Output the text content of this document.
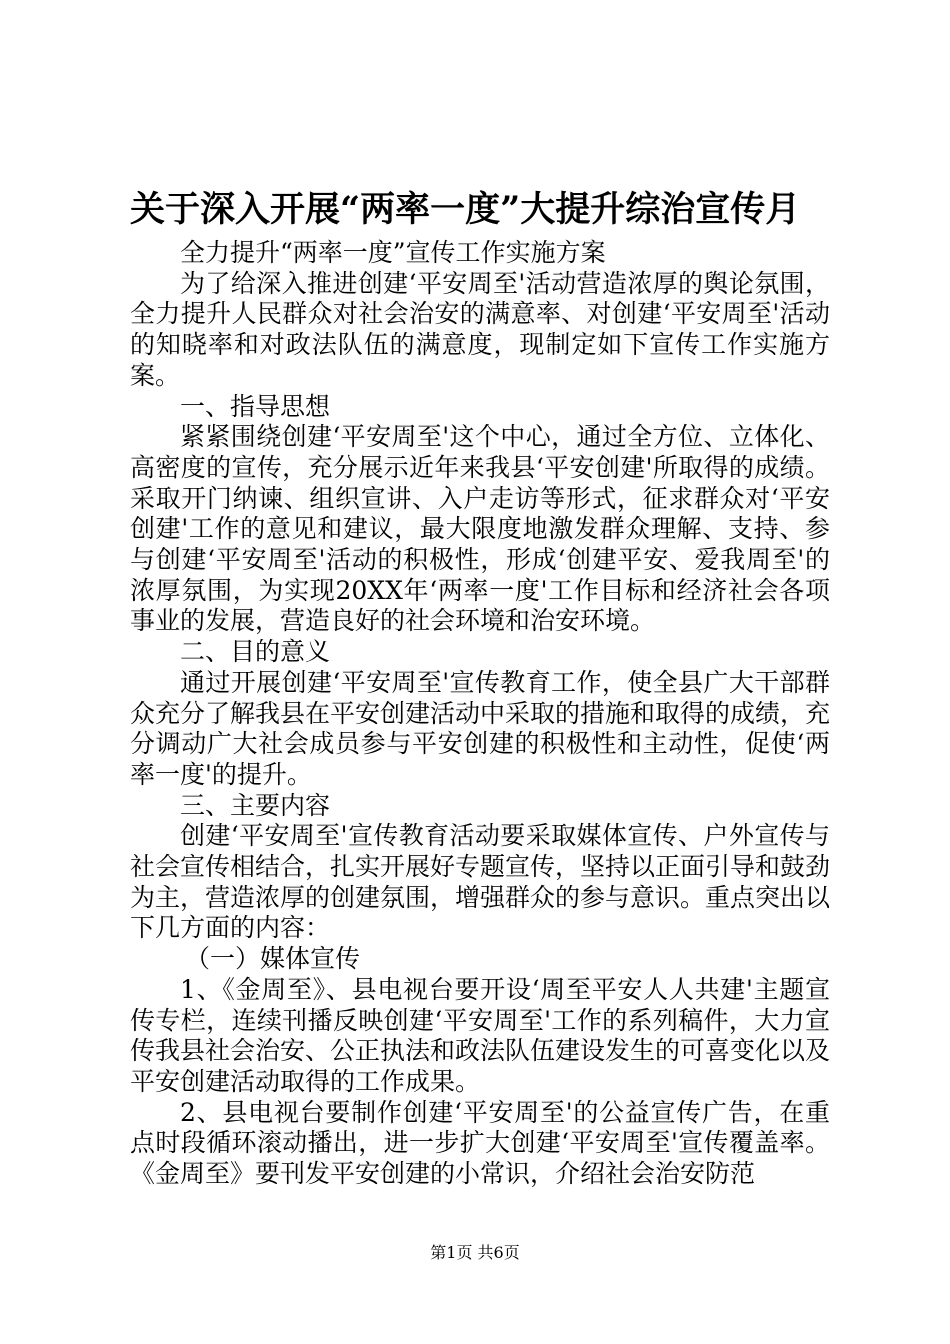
关于深入开展“两率一度”大提升综治宣传月

全力提升“两率一度”宣传工作实施方案

为了给深入推进创建‘平安周至'活动营造浓厚的舆论氛围，全力提升人民群众对社会治安的满意率、对创建‘平安周至'活动的知晓率和对政法队伍的满意度，现制定如下宣传工作实施方案。

一、指导思想

紧紧围绕创建‘平安周至'这个中心，通过全方位、立体化、高密度的宣传，充分展示近年来我县‘平安创建'所取得的成绩。采取开门纳谏、组织宣讲、入户走访等形式，征求群众对‘平安创建'工作的意见和建议，最大限度地激发群众理解、支持、参与创建‘平安周至'活动的积极性，形成‘创建平安、爱我周至'的浓厚氛围，为实现20XX年‘两率一度'工作目标和经济社会各项事业的发展，营造良好的社会环境和治安环境。

二、目的意义

通过开展创建‘平安周至'宣传教育工作，使全县广大干部群众充分了解我县在平安创建活动中采取的措施和取得的成绩，充分调动广大社会成员参与平安创建的积极性和主动性，促使‘两率一度'的提升。

三、主要内容

创建‘平安周至'宣传教育活动要采取媒体宣传、户外宣传与社会宣传相结合，扎实开展好专题宣传，坚持以正面引导和鼓劲为主，营造浓厚的创建氛围，增强群众的参与意识。重点突出以下几方面的内容：

（一）媒体宣传

1、《金周至》、县电视台要开设‘周至平安人人共建'主题宣传专栏，连续刊播反映创建‘平安周至'工作的系列稿件，大力宣传我县社会治安、公正执法和政法队伍建设发生的可喜变化以及平安创建活动取得的工作成果。

2、县电视台要制作创建‘平安周至'的公益宣传广告，在重点时段循环滚动播出，进一步扩大创建‘平安周至'宣传覆盖率。《金周至》要刊发平安创建的小常识，介绍社会治安防范

第1页 共6页
